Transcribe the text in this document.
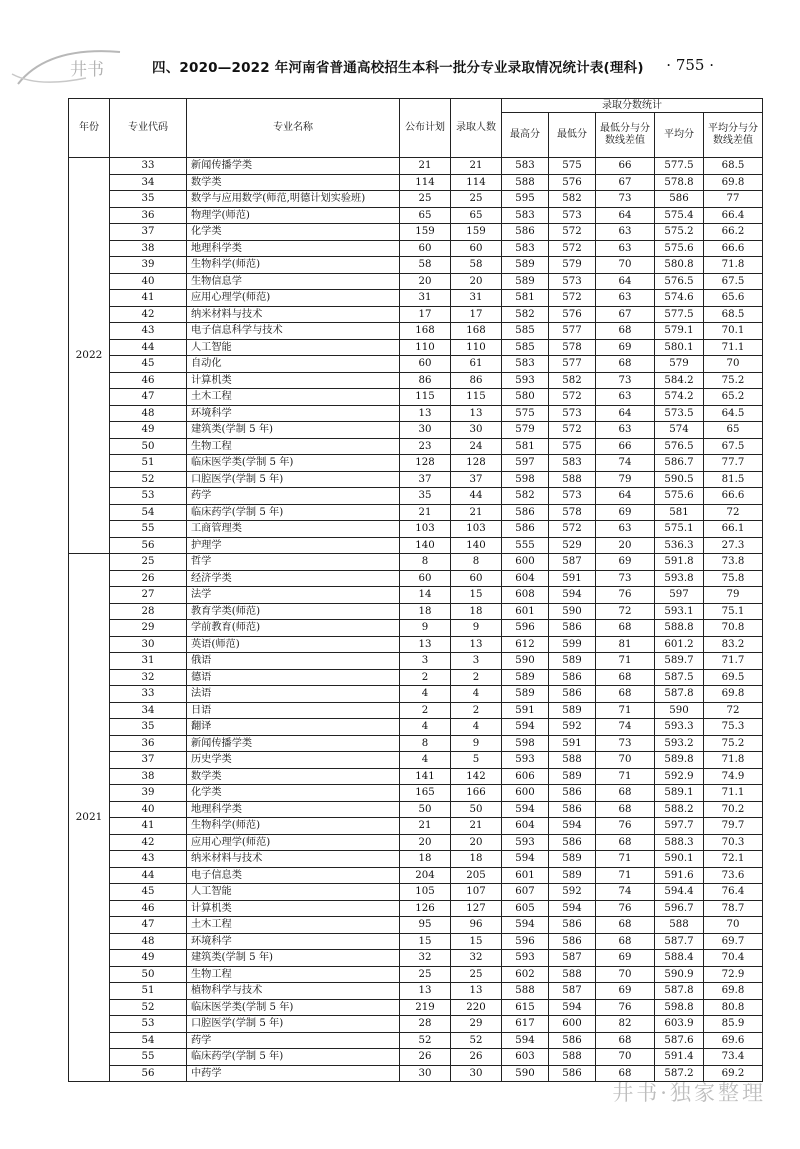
井书	四、2020—2022 年河南省普通高校招生本科一批分专业录取情况统计表(理科) · 755 ·
年份	专业代码	专业名称	公布计划	录取人数	录取分数统计				
					最高分	最低分	最低分与分数线差值	平均分	平均分与分数线差值
2022	33	新闻传播学类	21	21	583	575	66	577.5	68.5
	34	数学类	114	114	588	576	67	578.8	69.8
	35	数学与应用数学(师范,明德计划实验班)	25	25	595	582	73	586	77
	36	物理学(师范)	65	65	583	573	64	575.4	66.4
	37	化学类	159	159	586	572	63	575.2	66.2
	38	地理科学类	60	60	583	572	63	575.6	66.6
	39	生物科学(师范)	58	58	589	579	70	580.8	71.8
	40	生物信息学	20	20	589	573	64	576.5	67.5
	41	应用心理学(师范)	31	31	581	572	63	574.6	65.6
	42	纳米材料与技术	17	17	582	576	67	577.5	68.5
	43	电子信息科学与技术	168	168	585	577	68	579.1	70.1
	44	人工智能	110	110	585	578	69	580.1	71.1
	45	自动化	60	61	583	577	68	579	70
	46	计算机类	86	86	593	582	73	584.2	75.2
	47	土木工程	115	115	580	572	63	574.2	65.2
	48	环境科学	13	13	575	573	64	573.5	64.5
	49	建筑类(学制 5 年)	30	30	579	572	63	574	65
	50	生物工程	23	24	581	575	66	576.5	67.5
	51	临床医学类(学制 5 年)	128	128	597	583	74	586.7	77.7
	52	口腔医学(学制 5 年)	37	37	598	588	79	590.5	81.5
	53	药学	35	44	582	573	64	575.6	66.6
	54	临床药学(学制 5 年)	21	21	586	578	69	581	72
	55	工商管理类	103	103	586	572	63	575.1	66.1
	56	护理学	140	140	555	529	20	536.3	27.3
2021	25	哲学	8	8	600	587	69	591.8	73.8
	26	经济学类	60	60	604	591	73	593.8	75.8
	27	法学	14	15	608	594	76	597	79
	28	教育学类(师范)	18	18	601	590	72	593.1	75.1
	29	学前教育(师范)	9	9	596	586	68	588.8	70.8
	30	英语(师范)	13	13	612	599	81	601.2	83.2
	31	俄语	3	3	590	589	71	589.7	71.7
	32	德语	2	2	589	586	68	587.5	69.5
	33	法语	4	4	589	586	68	587.8	69.8
	34	日语	2	2	591	589	71	590	72
	35	翻译	4	4	594	592	74	593.3	75.3
	36	新闻传播学类	8	9	598	591	73	593.2	75.2
	37	历史学类	4	5	593	588	70	589.8	71.8
	38	数学类	141	142	606	589	71	592.9	74.9
	39	化学类	165	166	600	586	68	589.1	71.1
	40	地理科学类	50	50	594	586	68	588.2	70.2
	41	生物科学(师范)	21	21	604	594	76	597.7	79.7
	42	应用心理学(师范)	20	20	593	586	68	588.3	70.3
	43	纳米材料与技术	18	18	594	589	71	590.1	72.1
	44	电子信息类	204	205	601	589	71	591.6	73.6
	45	人工智能	105	107	607	592	74	594.4	76.4
	46	计算机类	126	127	605	594	76	596.7	78.7
	47	土木工程	95	96	594	586	68	588	70
	48	环境科学	15	15	596	586	68	587.7	69.7
	49	建筑类(学制 5 年)	32	32	593	587	69	588.4	70.4
	50	生物工程	25	25	602	588	70	590.9	72.9
	51	植物科学与技术	13	13	588	587	69	587.8	69.8
	52	临床医学类(学制 5 年)	219	220	615	594	76	598.8	80.8
	53	口腔医学(学制 5 年)	28	29	617	600	82	603.9	85.9
	54	药学	52	52	594	586	68	587.6	69.6
	55	临床药学(学制 5 年)	26	26	603	588	70	591.4	73.4
	56	中药学	30	30	590	586	68	587.2	69.2
井书·独家整理
